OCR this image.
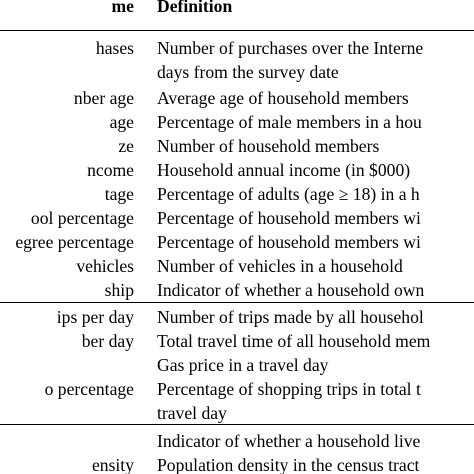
me Definition
hases Number of purchases over the Interne
days from the survey date
nber age Average age of household members
age Percentage of male members in a hou
ze Number of household members
ncome Household annual income (in $000)
tage Percentage of adults (age ≥ 18) in a h
ool percentage Percentage of household members wi
egree percentage Percentage of household members wi
vehicles Number of vehicles in a household
ship Indicator of whether a household own
ips per day Number of trips made by all househol
ber day Total travel time of all household mem
Gas price in a travel day
o percentage Percentage of shopping trips in total t
travel day
Indicator of whether a household live
ensity Population density in the census tract
